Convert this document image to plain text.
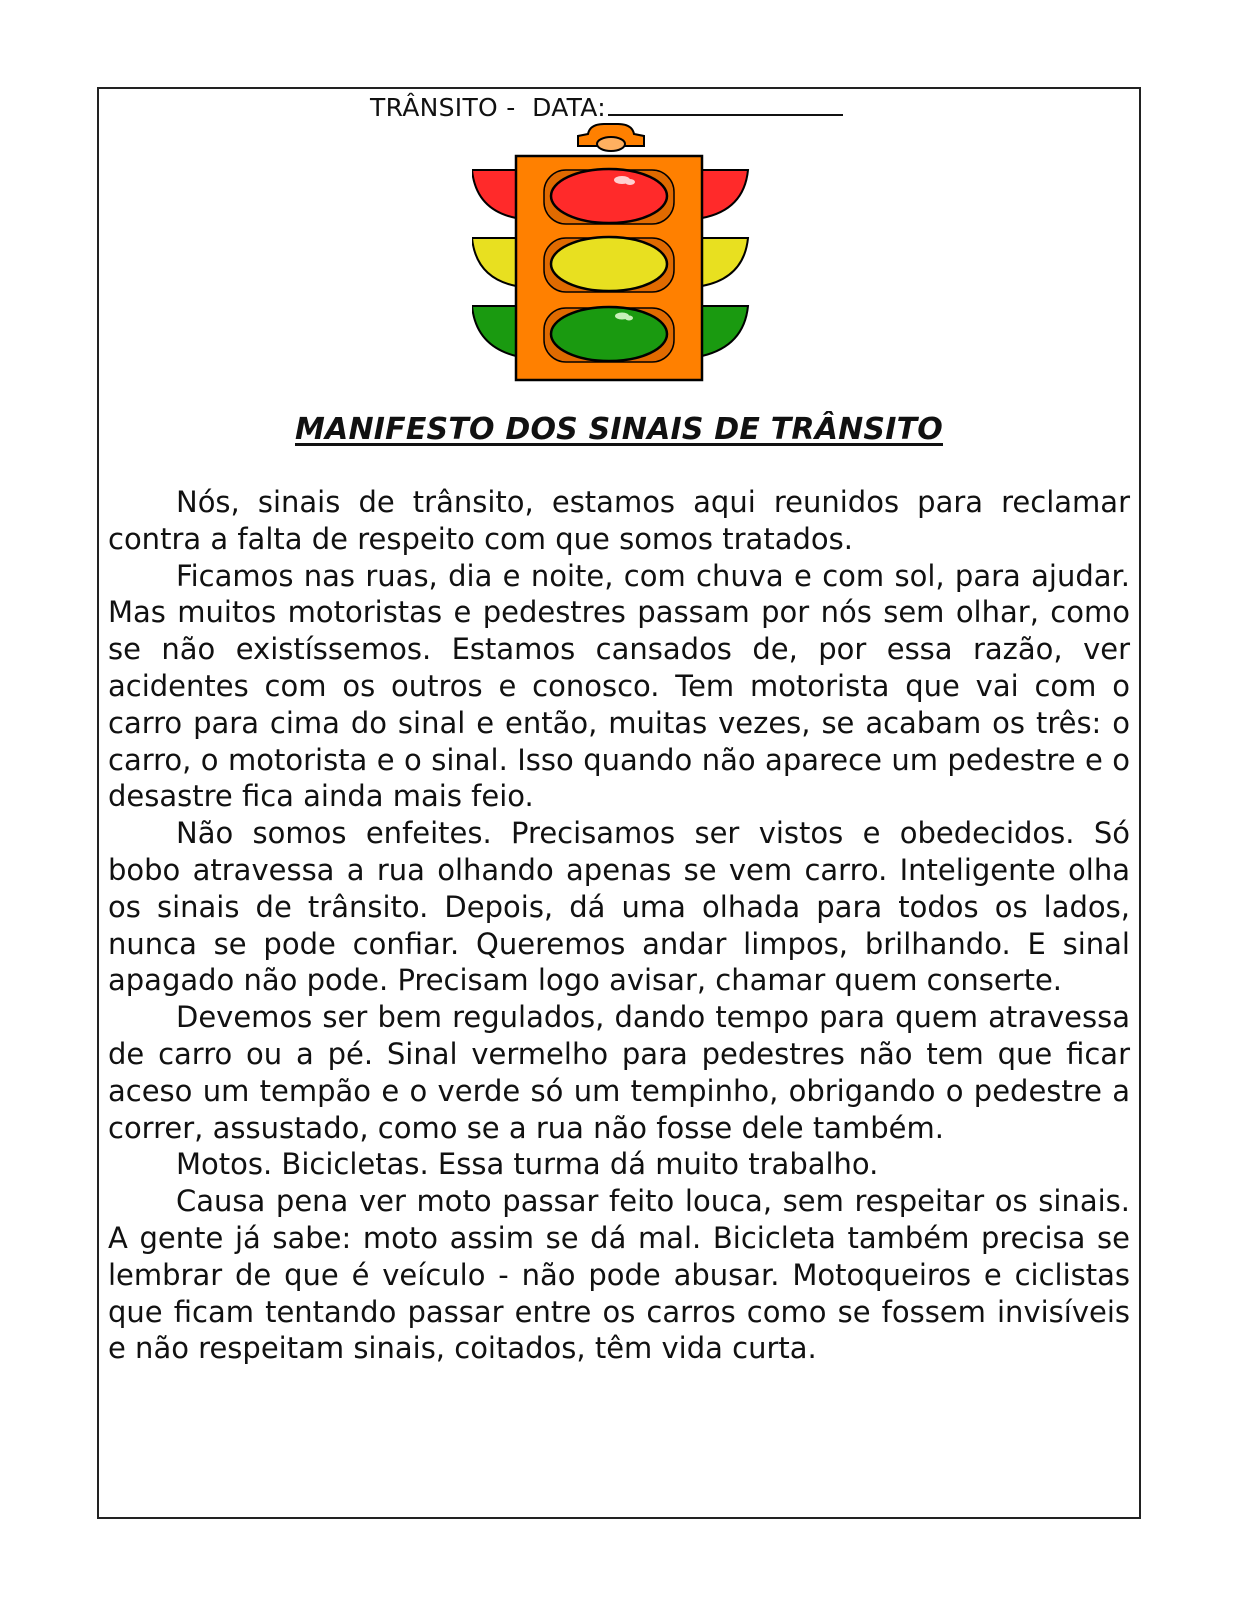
TRÂNSITO -  DATA:
MANIFESTO DOS SINAIS DE TRÂNSITO

Nós, sinais de trânsito, estamos aqui reunidos para reclamar contra a falta de respeito com que somos tratados.

Ficamos nas ruas, dia e noite, com chuva e com sol, para ajudar. Mas muitos motoristas e pedestres passam por nós sem olhar, como se não existíssemos. Estamos cansados de, por essa razão, ver acidentes com os outros e conosco. Tem motorista que vai com o carro para cima do sinal e então, muitas vezes, se acabam os três: o carro, o motorista e o sinal. Isso quando não aparece um pedestre e o desastre fica ainda mais feio.

Não somos enfeites. Precisamos ser vistos e obedecidos. Só bobo atravessa a rua olhando apenas se vem carro. Inteligente olha os sinais de trânsito. Depois, dá uma olhada para todos os lados, nunca se pode confiar. Queremos andar limpos, brilhando. E sinal apagado não pode. Precisam logo avisar, chamar quem conserte.

Devemos ser bem regulados, dando tempo para quem atravessa de carro ou a pé. Sinal vermelho para pedestres não tem que ficar aceso um tempão e o verde só um tempinho, obrigando o pedestre a correr, assustado, como se a rua não fosse dele também.

Motos. Bicicletas. Essa turma dá muito trabalho.

Causa pena ver moto passar feito louca, sem respeitar os sinais. A gente já sabe: moto assim se dá mal. Bicicleta também precisa se lembrar de que é veículo - não pode abusar. Motoqueiros e ciclistas que ficam tentando passar entre os carros como se fossem invisíveis e não respeitam sinais, coitados, têm vida curta.
